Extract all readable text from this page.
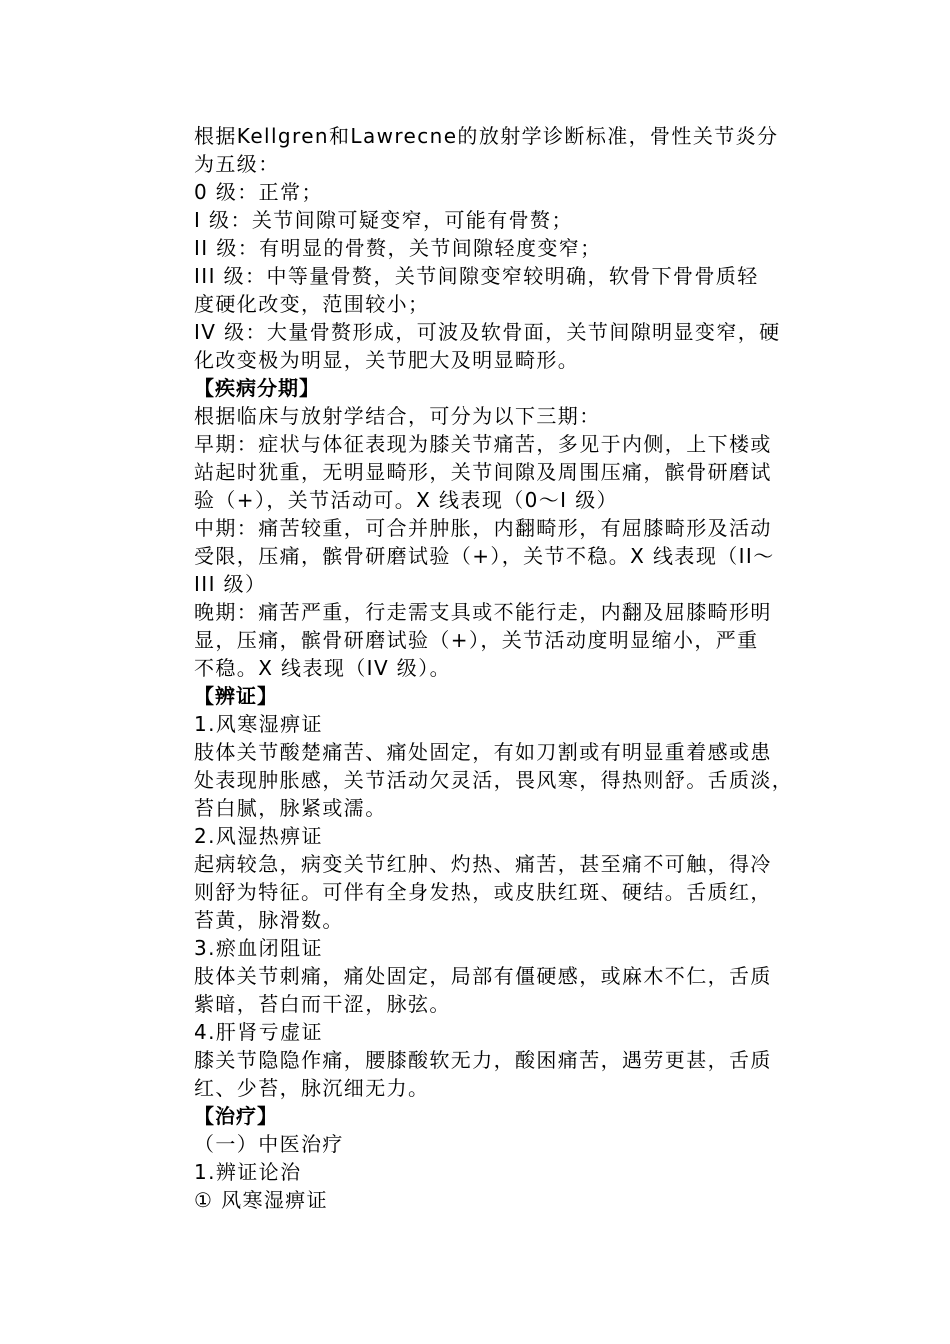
根据Kellgren和Lawrecne的放射学诊断标准，骨性关节炎分
为五级：
0 级：正常；
I 级：关节间隙可疑变窄，可能有骨赘；
II 级：有明显的骨赘，关节间隙轻度变窄；
III 级：中等量骨赘，关节间隙变窄较明确，软骨下骨骨质轻
度硬化改变，范围较小；
IV 级：大量骨赘形成，可波及软骨面，关节间隙明显变窄，硬
化改变极为明显，关节肥大及明显畸形。
【疾病分期】
根据临床与放射学结合，可分为以下三期：
早期：症状与体征表现为膝关节痛苦，多见于内侧，上下楼或
站起时犹重，无明显畸形，关节间隙及周围压痛，髌骨研磨试
验（+），关节活动可。X 线表现（0～I 级）
中期：痛苦较重，可合并肿胀，内翻畸形，有屈膝畸形及活动
受限，压痛，髌骨研磨试验（+），关节不稳。X 线表现（II～
III 级）
晚期：痛苦严重，行走需支具或不能行走，内翻及屈膝畸形明
显，压痛，髌骨研磨试验（+），关节活动度明显缩小，严重
不稳。X 线表现（IV 级）。
【辨证】
1.风寒湿痹证
肢体关节酸楚痛苦、痛处固定，有如刀割或有明显重着感或患
处表现肿胀感，关节活动欠灵活，畏风寒，得热则舒。舌质淡，
苔白腻，脉紧或濡。
2.风湿热痹证
起病较急，病变关节红肿、灼热、痛苦，甚至痛不可触，得冷
则舒为特征。可伴有全身发热，或皮肤红斑、硬结。舌质红，
苔黄，脉滑数。
3.瘀血闭阻证
肢体关节刺痛，痛处固定，局部有僵硬感，或麻木不仁，舌质
紫暗，苔白而干涩，脉弦。
4.肝肾亏虚证
膝关节隐隐作痛，腰膝酸软无力，酸困痛苦，遇劳更甚，舌质
红、少苔，脉沉细无力。
【治疗】
（一）中医治疗
1.辨证论治
① 风寒湿痹证
